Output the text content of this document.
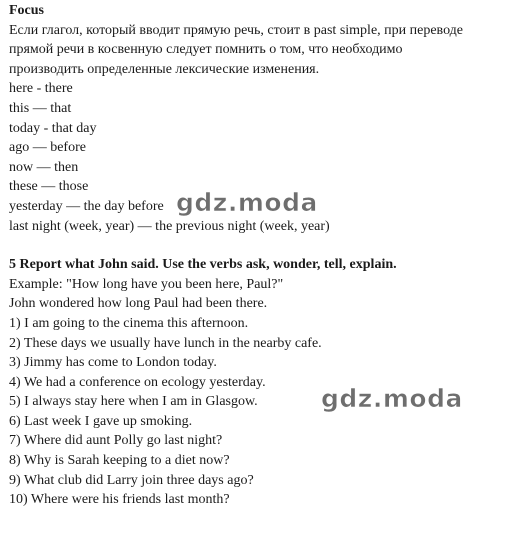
Focus
Если глагол, который вводит прямую речь, стоит в past simple, при переводе
прямой речи в косвенную следует помнить о том, что необходимо
производить определенные лексические изменения.
here - there
this — that
today - that day
ago — before
now — then
these — those
yesterday — the day before
last night (week, year) — the previous night (week, year)
5 Report what John said. Use the verbs ask, wonder, tell, explain.
Example: "How long have you been here, Paul?"
John wondered how long Paul had been there.
1) I am going to the cinema this afternoon.
2) These days we usually have lunch in the nearby cafe.
3) Jimmy has come to London today.
4) We had a conference on ecology yesterday.
5) I always stay here when I am in Glasgow.
6) Last week I gave up smoking.
7) Where did aunt Polly go last night?
8) Why is Sarah keeping to a diet now?
9) What club did Larry join three days ago?
10) Where were his friends last month?
gdz.moda
gdz.moda
